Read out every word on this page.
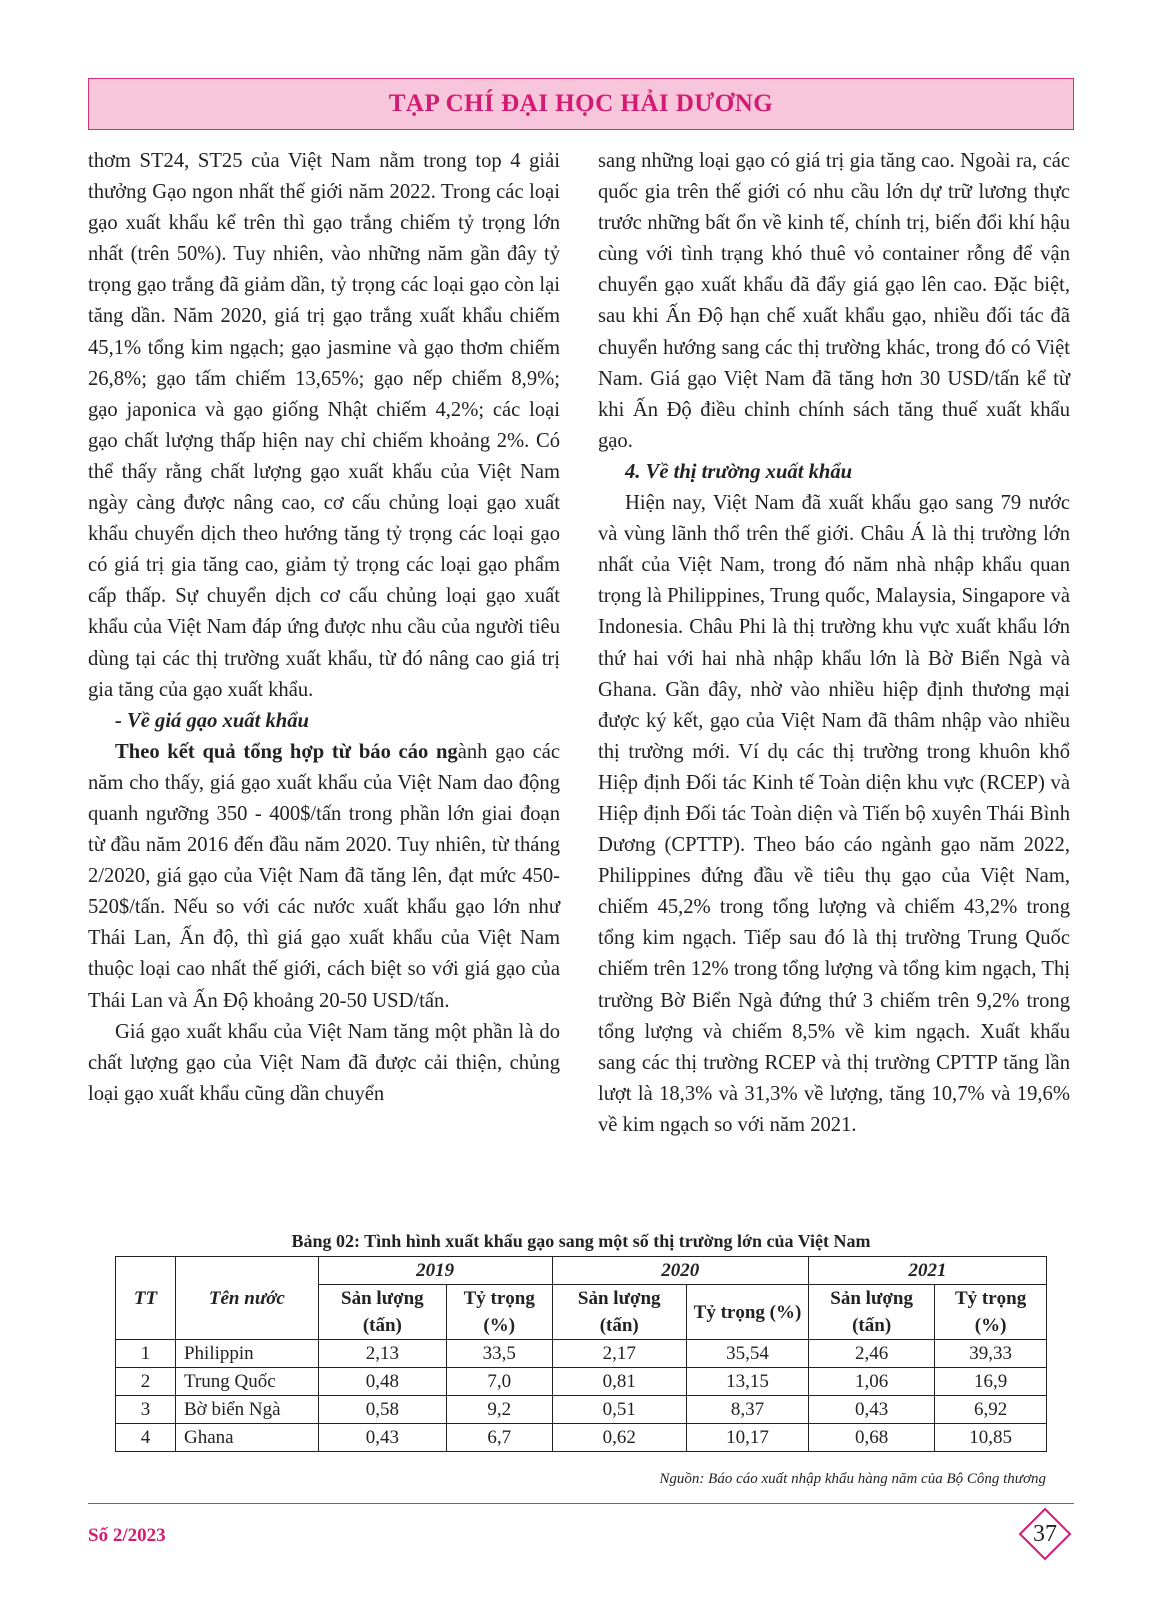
TẠP CHÍ ĐẠI HỌC HẢI DƯƠNG

thơm ST24, ST25 của Việt Nam nằm trong top 4 giải thưởng Gạo ngon nhất thế giới năm 2022. Trong các loại gạo xuất khẩu kể trên thì gạo trắng chiếm tỷ trọng lớn nhất (trên 50%). Tuy nhiên, vào những năm gần đây tỷ trọng gạo trắng đã giảm dần, tỷ trọng các loại gạo còn lại tăng dần. Năm 2020, giá trị gạo trắng xuất khẩu chiếm 45,1% tổng kim ngạch; gạo jasmine và gạo thơm chiếm 26,8%; gạo tấm chiếm 13,65%; gạo nếp chiếm 8,9%; gạo japonica và gạo giống Nhật chiếm 4,2%; các loại gạo chất lượng thấp hiện nay chỉ chiếm khoảng 2%. Có thể thấy rằng chất lượng gạo xuất khẩu của Việt Nam ngày càng được nâng cao, cơ cấu chủng loại gạo xuất khẩu chuyển dịch theo hướng tăng tỷ trọng các loại gạo có giá trị gia tăng cao, giảm tỷ trọng các loại gạo phẩm cấp thấp. Sự chuyển dịch cơ cấu chủng loại gạo xuất khẩu của Việt Nam đáp ứng được nhu cầu của người tiêu dùng tại các thị trường xuất khẩu, từ đó nâng cao giá trị gia tăng của gạo xuất khẩu.

- Về giá gạo xuất khẩu

Theo kết quả tổng hợp từ báo cáo ngành gạo các năm cho thấy, giá gạo xuất khẩu của Việt Nam dao động quanh ngưỡng 350 - 400$/tấn trong phần lớn giai đoạn từ đầu năm 2016 đến đầu năm 2020. Tuy nhiên, từ tháng 2/2020, giá gạo của Việt Nam đã tăng lên, đạt mức 450-520$/tấn. Nếu so với các nước xuất khẩu gạo lớn như Thái Lan, Ấn độ, thì giá gạo xuất khẩu của Việt Nam thuộc loại cao nhất thế giới, cách biệt so với giá gạo của Thái Lan và Ấn Độ khoảng 20-50 USD/tấn.

Giá gạo xuất khẩu của Việt Nam tăng một phần là do chất lượng gạo của Việt Nam đã được cải thiện, chủng loại gạo xuất khẩu cũng dần chuyển

sang những loại gạo có giá trị gia tăng cao. Ngoài ra, các quốc gia trên thế giới có nhu cầu lớn dự trữ lương thực trước những bất ổn về kinh tế, chính trị, biến đổi khí hậu cùng với tình trạng khó thuê vỏ container rỗng để vận chuyển gạo xuất khẩu đã đẩy giá gạo lên cao. Đặc biệt, sau khi Ấn Độ hạn chế xuất khẩu gạo, nhiều đối tác đã chuyển hướng sang các thị trường khác, trong đó có Việt Nam. Giá gạo Việt Nam đã tăng hơn 30 USD/tấn kể từ khi Ấn Độ điều chỉnh chính sách tăng thuế xuất khẩu gạo.

4. Về thị trường xuất khẩu

Hiện nay, Việt Nam đã xuất khẩu gạo sang 79 nước và vùng lãnh thổ trên thế giới. Châu Á là thị trường lớn nhất của Việt Nam, trong đó năm nhà nhập khẩu quan trọng là Philippines, Trung quốc, Malaysia, Singapore và Indonesia. Châu Phi là thị trường khu vực xuất khẩu lớn thứ hai với hai nhà nhập khẩu lớn là Bờ Biển Ngà và Ghana. Gần đây, nhờ vào nhiều hiệp định thương mại được ký kết, gạo của Việt Nam đã thâm nhập vào nhiều thị trường mới. Ví dụ các thị trường trong khuôn khổ Hiệp định Đối tác Kinh tế Toàn diện khu vực (RCEP) và Hiệp định Đối tác Toàn diện và Tiến bộ xuyên Thái Bình Dương (CPTTP). Theo báo cáo ngành gạo năm 2022, Philippines đứng đầu về tiêu thụ gạo của Việt Nam, chiếm 45,2% trong tổng lượng và chiếm 43,2% trong tổng kim ngạch. Tiếp sau đó là thị trường Trung Quốc chiếm trên 12% trong tổng lượng và tổng kim ngạch, Thị trường Bờ Biển Ngà đứng thứ 3 chiếm trên 9,2% trong tổng lượng và chiếm 8,5% về kim ngạch. Xuất khẩu sang các thị trường RCEP và thị trường CPTTP tăng lần lượt là 18,3% và 31,3% về lượng, tăng 10,7% và 19,6% về kim ngạch so với năm 2021.

Bảng 02: Tình hình xuất khẩu gạo sang một số thị trường lớn của Việt Nam
TT	Tên nước	2019		2020		2021	
		Sản lượng (tấn)	Tỷ trọng (%)	Sản lượng (tấn)	Tỷ trọng (%)	Sản lượng (tấn)	Tỷ trọng (%)
1	Philippin	2,13	33,5	2,17	35,54	2,46	39,33
2	Trung Quốc	0,48	7,0	0,81	13,15	1,06	16,9
3	Bờ biển Ngà	0,58	9,2	0,51	8,37	0,43	6,92
4	Ghana	0,43	6,7	0,62	10,17	0,68	10,85
Nguồn: Báo cáo xuất nhập khẩu hàng năm của Bộ Công thương
Số 2/2023	37
